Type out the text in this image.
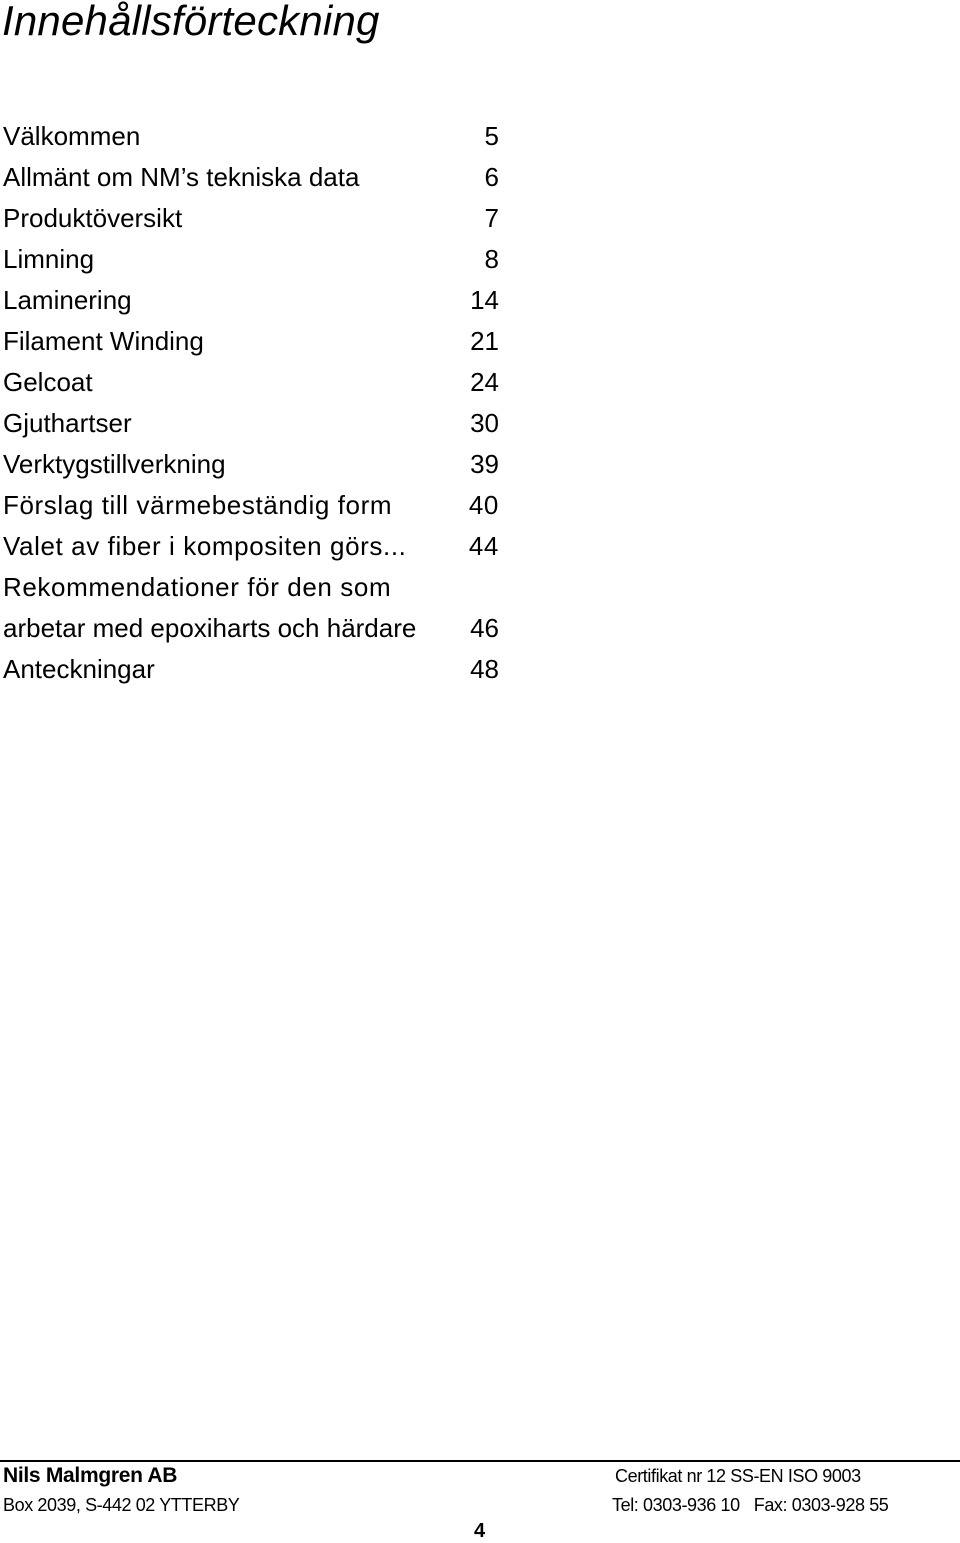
Innehållsförteckning
Välkommen	5
Allmänt om NM’s tekniska data	6
Produktöversikt	7
Limning	8
Laminering	14
Filament Winding	21
Gelcoat	24
Gjuthartser	30
Verktygstillverkning	39
Förslag till värmebeständig form	40
Valet av fiber i kompositen görs... 44
Rekommendationer för den som
arbetar med epoxiharts och härdare 46
Anteckningar	48
Nils Malmgren AB
Box 2039, S-442 02 YTTERBY
Certifikat nr 12 SS-EN ISO 9003
Tel: 0303-936 10 Fax: 0303-928 55
4
